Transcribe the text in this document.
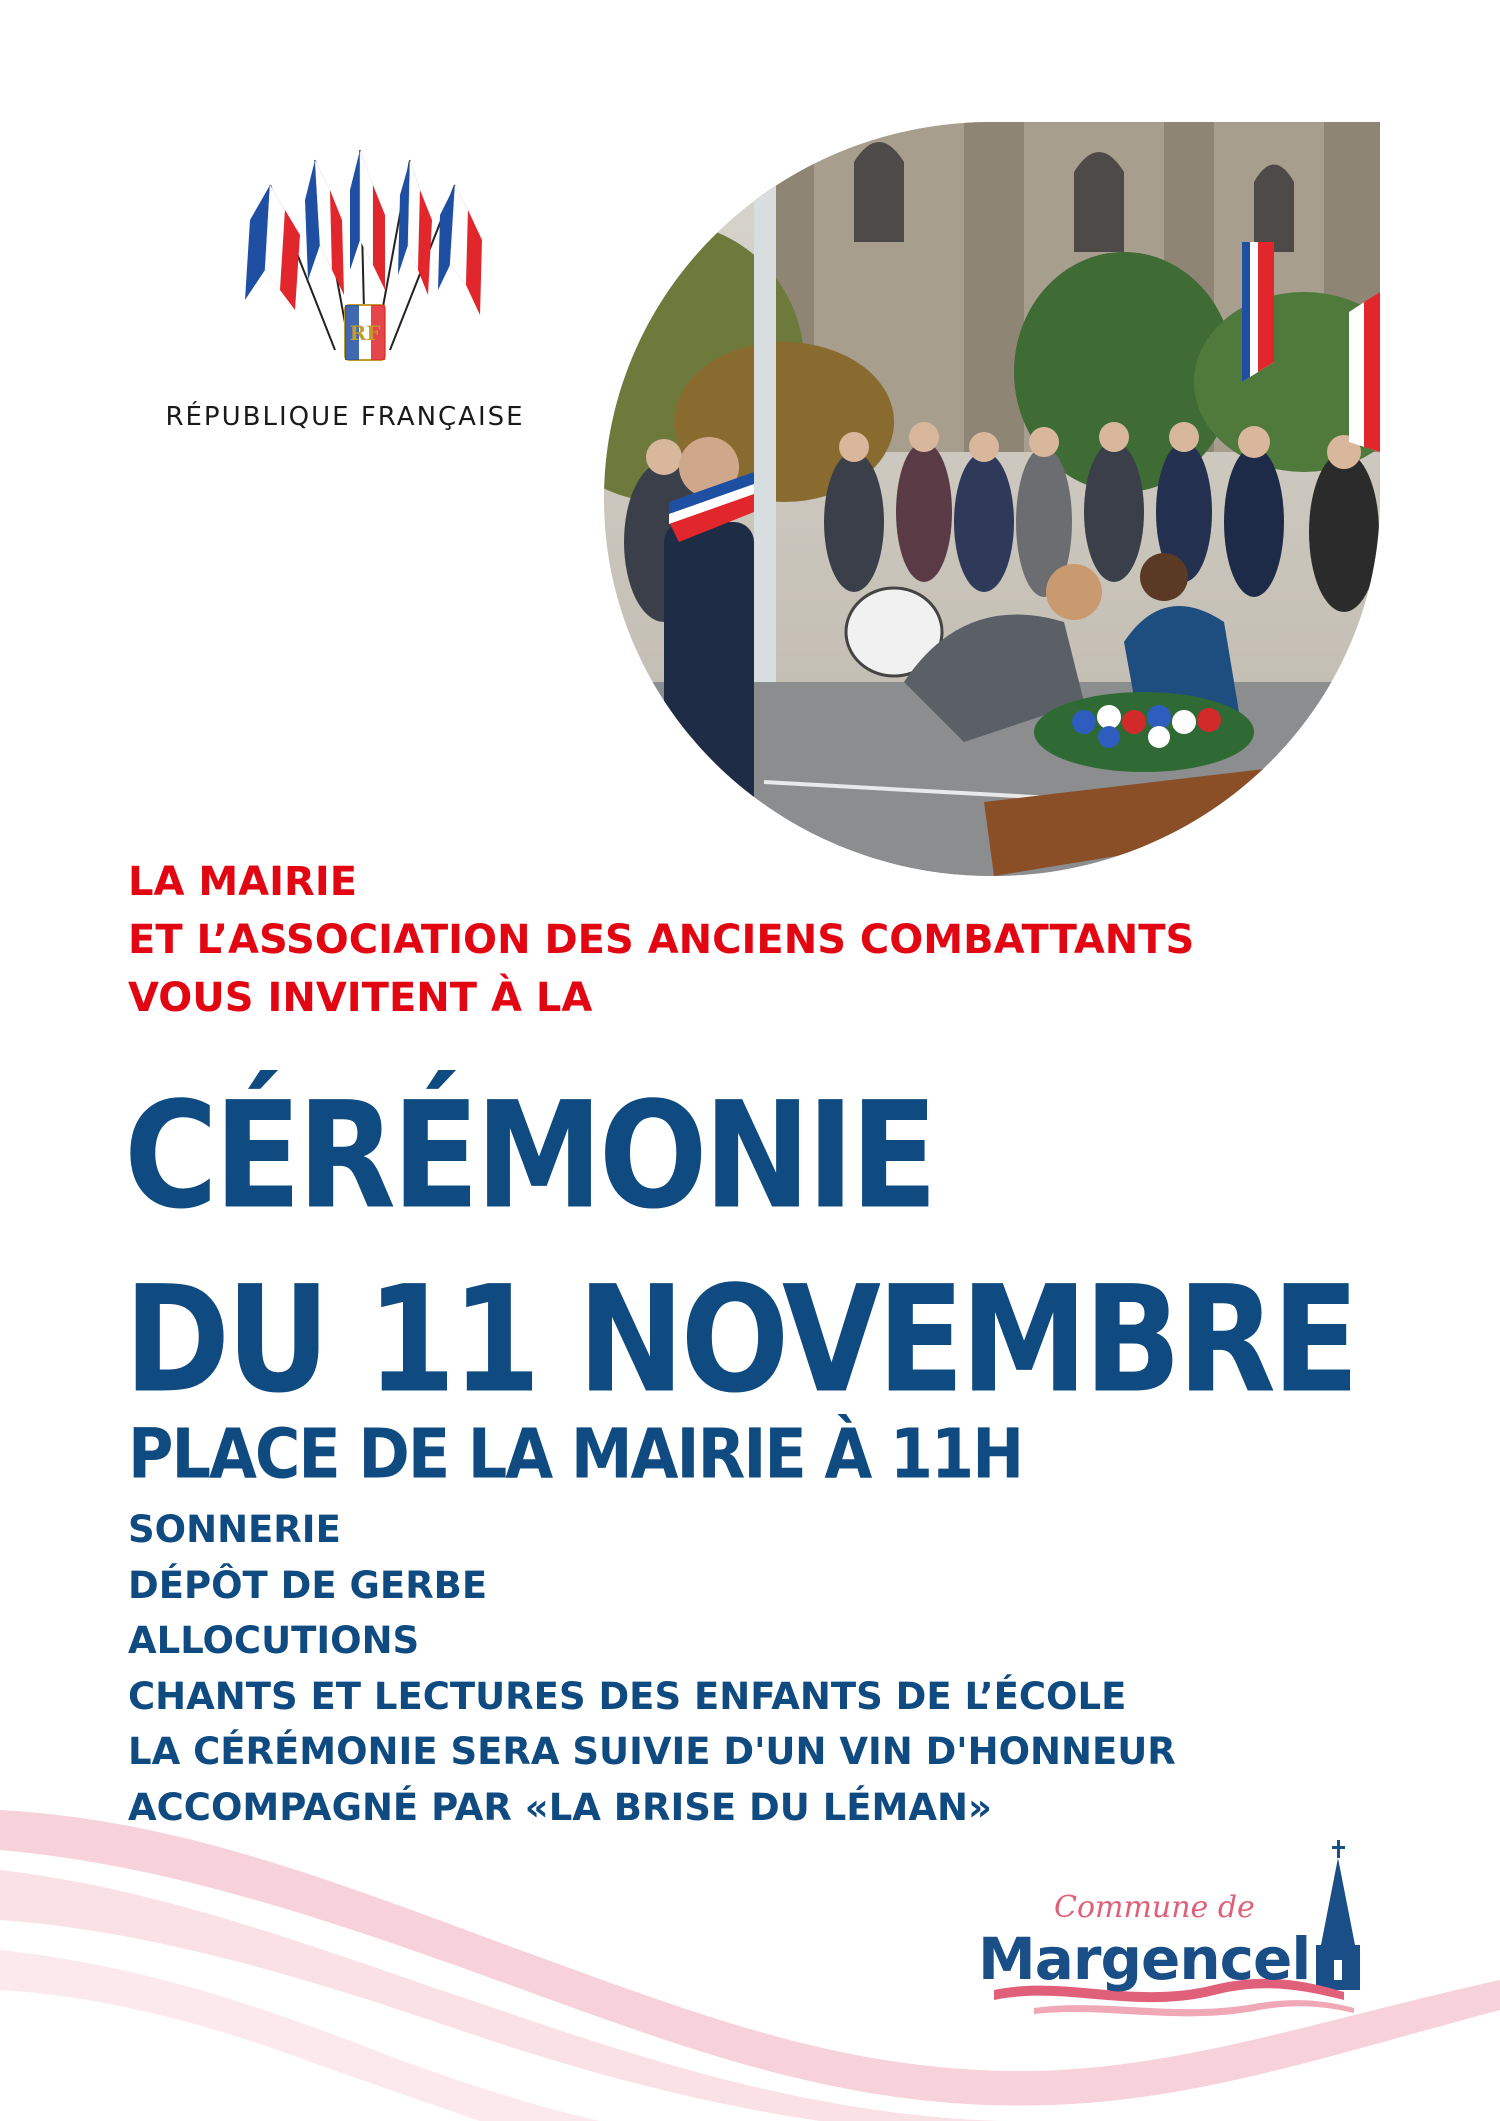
RF
RÉPUBLIQUE FRANÇAISE
LA MAIRIE
ET L’ASSOCIATION DES ANCIENS COMBATTANTS
VOUS INVITENT À LA
CÉRÉMONIE
DU 11 NOVEMBRE
PLACE DE LA MAIRIE À 11H
SONNERIE
DÉPÔT DE GERBE
ALLOCUTIONS
CHANTS ET LECTURES DES ENFANTS DE L’ÉCOLE
LA CÉRÉMONIE SERA SUIVIE D'UN VIN D'HONNEUR
ACCOMPAGNÉ PAR «LA BRISE DU LÉMAN»
Commune de
Margencel
